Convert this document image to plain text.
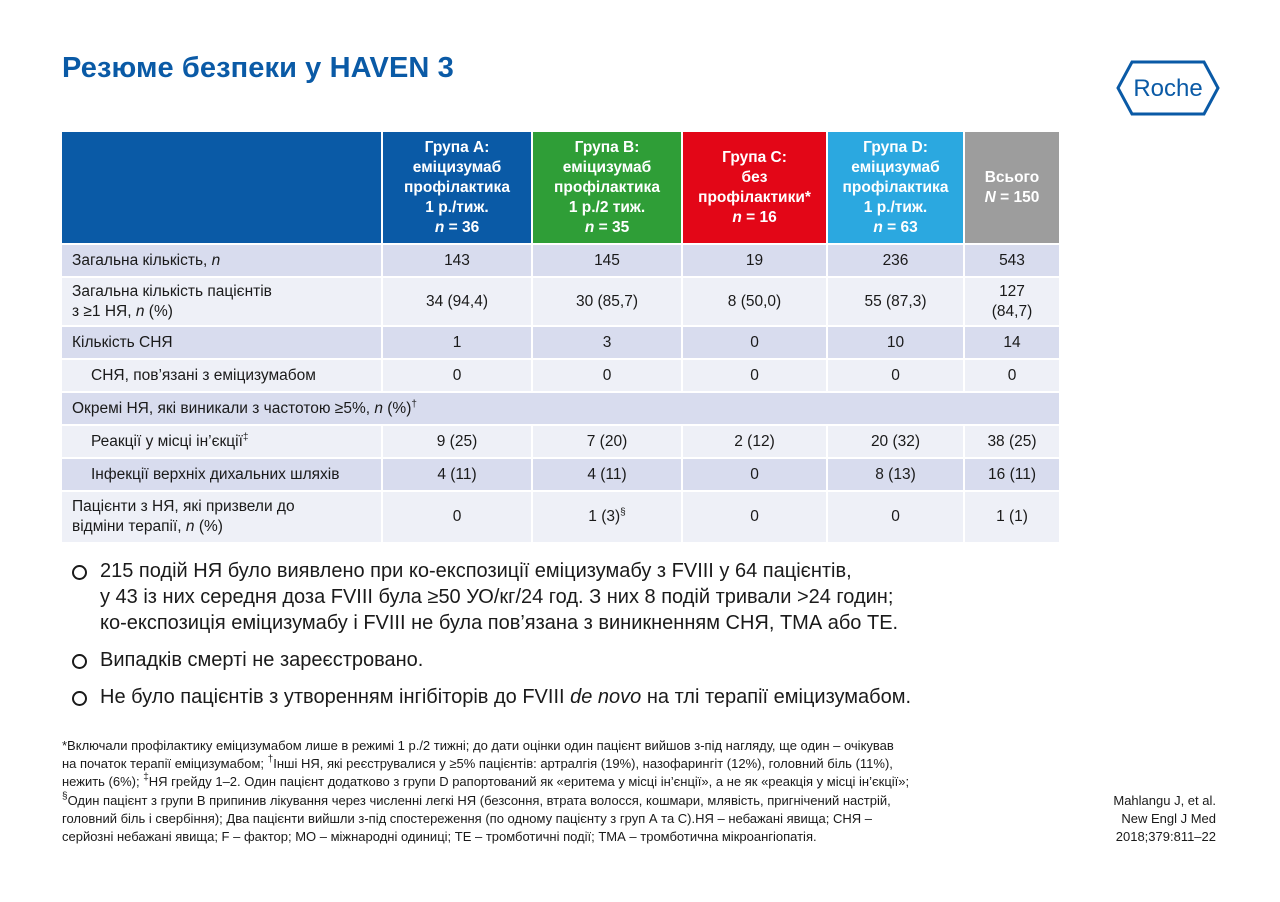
Резюме безпеки у HAVEN 3
Roche
	Група А:
еміцизумаб
профілактика
1 р./тиж.
n = 36	Група В:
еміцизумаб
профілактика
1 р./2 тиж.
n = 35	Група С:
без
профілактики*
n = 16	Група D:
еміцизумаб
профілактика
1 р./тиж.
n = 63	Всього
N = 150
Загальна кількість, n	143	145	19	236	543
Загальна кількість пацієнтів
з ≥1 НЯ, n (%)	34 (94,4)	30 (85,7)	8 (50,0)	55 (87,3)	127
(84,7)
Кількість СНЯ	1	3	0	10	14
СНЯ, пов’язані з еміцизумабом	0	0	0	0	0
Окремі НЯ, які виникали з частотою ≥5%, n (%)†
Реакції у місці ін’єкції‡	9 (25)	7 (20)	2 (12)	20 (32)	38 (25)
Інфекції верхніх дихальних шляхів	4 (11)	4 (11)	0	8 (13)	16 (11)
Пацієнти з НЯ, які призвели до
відміни терапії, n (%)	0	1 (3)§	0	0	1 (1)
215 подій НЯ було виявлено при ко-експозиції еміцизумабу з FVIII у 64 пацієнтів,
у 43 із них середня доза FVIII була ≥50 УО/кг/24 год. З них 8 подій тривали >24 годин;
ко-експозиція еміцизумабу і FVIII не була пов’язана з виникненням СНЯ, ТМА або ТЕ.
Випадків смерті не зареєстровано.
Не було пацієнтів з утворенням інгібіторів до FVIII de novo на тлі терапії еміцизумабом.
*Включали профілактику еміцизумабом лише в режимі 1 р./2 тижні; до дати оцінки один пацієнт вийшов з-під нагляду, ще один – очікував
на початок терапії еміцизумабом; †Інші НЯ, які реєструвалися у ≥5% пацієнтів: артралгія (19%), назофарингіт (12%), головний біль (11%),
нежить (6%); ‡НЯ грейду 1–2. Один пацієнт додатково з групи D рапортований як «еритема у місці ін’єнції», а не як «реакція у місці ін’єкції»;
§Один пацієнт з групи В припинив лікування через численні легкі НЯ (безсоння, втрата волосся, кошмари, млявість, пригнічений настрій,
головний біль і свербіння); Два пацієнти вийшли з-під спостереження (по одному пацієнту з груп А та С).НЯ – небажані явища; СНЯ –
серйозні небажані явища; F – фактор; МО – міжнародні одиниці; ТЕ – тромботичні події; ТМА – тромботична мікроангіопатія.
Mahlangu J, et al.
New Engl J Med
2018;379:811–22
